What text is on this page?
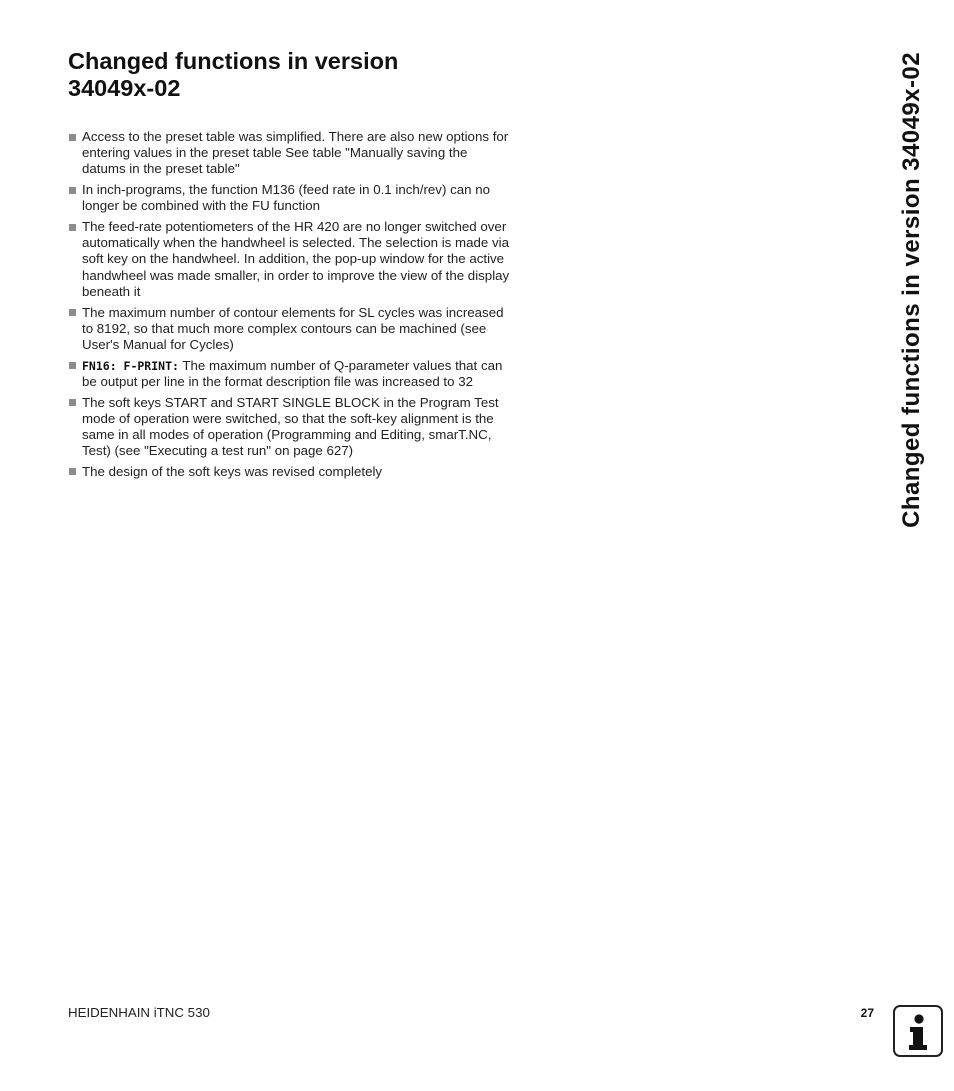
Changed functions in version
34049x-02
Access to the preset table was simplified. There are also new options for entering values in the preset table See table "Manually saving the datums in the preset table"
In inch-programs, the function M136 (feed rate in 0.1 inch/rev) can no longer be combined with the FU function
The feed-rate potentiometers of the HR 420 are no longer switched over automatically when the handwheel is selected. The selection is made via soft key on the handwheel. In addition, the pop-up window for the active handwheel was made smaller, in order to improve the view of the display beneath it
The maximum number of contour elements for SL cycles was increased to 8192, so that much more complex contours can be machined (see User's Manual for Cycles)
FN16: F-PRINT: The maximum number of Q-parameter values that can be output per line in the format description file was increased to 32
The soft keys START and START SINGLE BLOCK in the Program Test mode of operation were switched, so that the soft-key alignment is the same in all modes of operation (Programming and Editing, smarT.NC, Test) (see "Executing a test run" on page 627)
The design of the soft keys was revised completely	Changed functions in version 34049x-02
HEIDENHAIN iTNC 530	27
